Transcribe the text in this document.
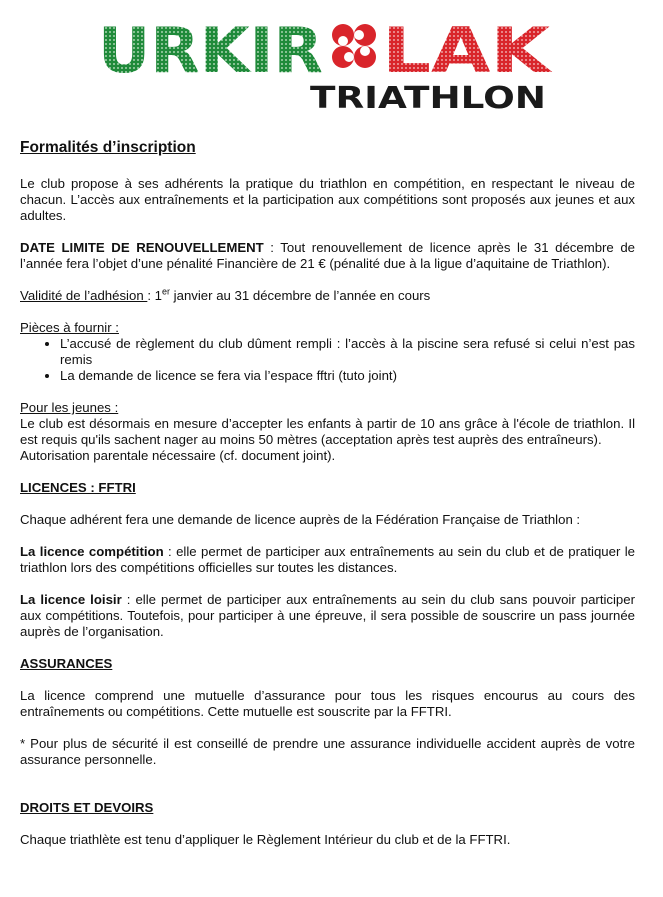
URKIR LAK
TRIATHLON
Formalités d’inscription

Le club propose à ses adhérents la pratique du triathlon en compétition, en respectant le niveau de chacun. L’accès aux entraînements et la participation aux compétitions sont proposés aux jeunes et aux adultes.

DATE LIMITE DE RENOUVELLEMENT : Tout renouvellement de licence après le 31 décembre de l’année fera l’objet d’une pénalité Financière de 21 € (pénalité due à la ligue d’aquitaine de Triathlon).

Validité de l’adhésion : 1er janvier au 31 décembre de l’année en cours

Pièces à fournir :

• L’accusé de règlement du club dûment rempli : l’accès à la piscine sera refusé si celui n’est pas remis
• La demande de licence se fera via l’espace fftri (tuto joint)

Pour les jeunes :

Le club est désormais en mesure d’accepter les enfants à partir de 10 ans grâce à l'école de triathlon. Il est requis qu'ils sachent nager au moins 50 mètres (acceptation après test auprès des entraîneurs).

Autorisation parentale nécessaire (cf. document joint).

LICENCES : FFTRI

Chaque adhérent fera une demande de licence auprès de la Fédération Française de Triathlon :

La licence compétition : elle permet de participer aux entraînements au sein du club et de pratiquer le triathlon lors des compétitions officielles sur toutes les distances.

La licence loisir : elle permet de participer aux entraînements au sein du club sans pouvoir participer aux compétitions. Toutefois, pour participer à une épreuve, il sera possible de souscrire un pass journée auprès de l’organisation.

ASSURANCES

La licence comprend une mutuelle d’assurance pour tous les risques encourus au cours des entraînements ou compétitions. Cette mutuelle est souscrite par la FFTRI.

* Pour plus de sécurité il est conseillé de prendre une assurance individuelle accident auprès de votre assurance personnelle.

DROITS ET DEVOIRS

Chaque triathlète est tenu d’appliquer le Règlement Intérieur du club et de la FFTRI.
